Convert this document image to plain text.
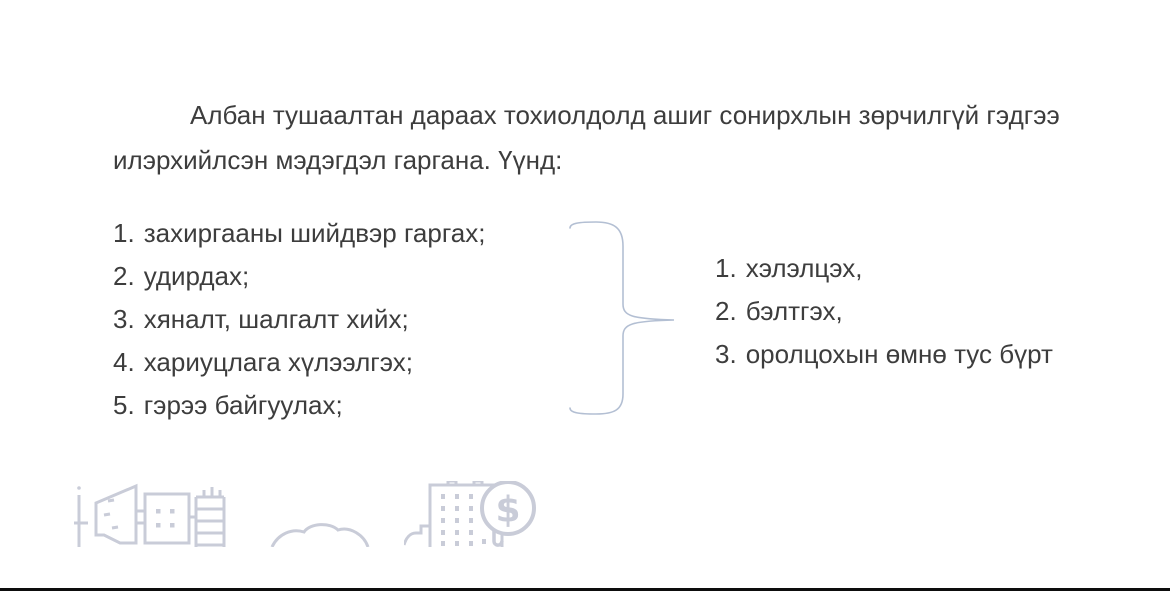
Албан тушаалтан дараах тохиолдолд ашиг сонирхлын зөрчилгүй гэдгээ
илэрхийлсэн мэдэгдэл гаргана. Үүнд:
1. захиргааны шийдвэр гаргах;
2. удирдах;
3. хяналт, шалгалт хийх;
4. хариуцлага хүлээлгэх;
5. гэрээ байгуулах;
1. хэлэлцэх,
2. бэлтгэх,
3. оролцохын өмнө тус бүрт
$
